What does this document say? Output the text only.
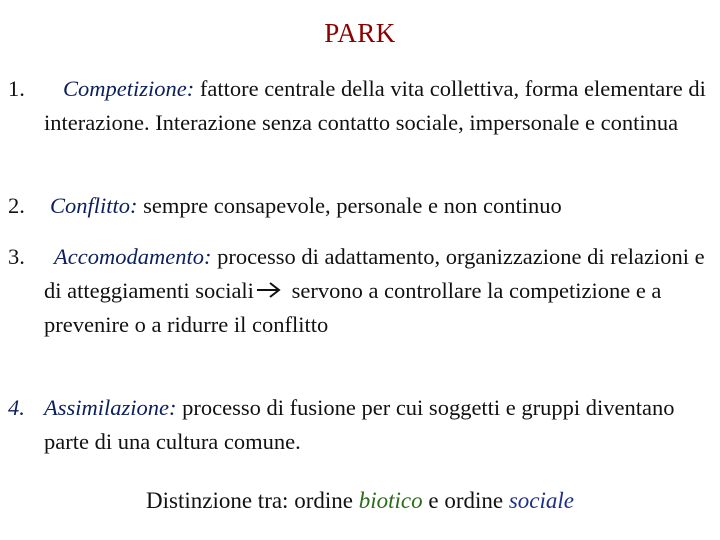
PARK
1.	Competizione: fattore centrale della vita collettiva, forma elementare di interazione. Interazione senza contatto sociale, impersonale e continua
2. Conflitto: sempre consapevole, personale e non continuo
3.	Accomodamento: processo di adattamento, organizzazione di relazioni e di atteggiamenti sociali servono a controllare la competizione e a prevenire o a ridurre il conflitto
4. Assimilazione: processo di fusione per cui soggetti e gruppi diventano parte di una cultura comune.
Distinzione tra: ordine biotico e ordine sociale
